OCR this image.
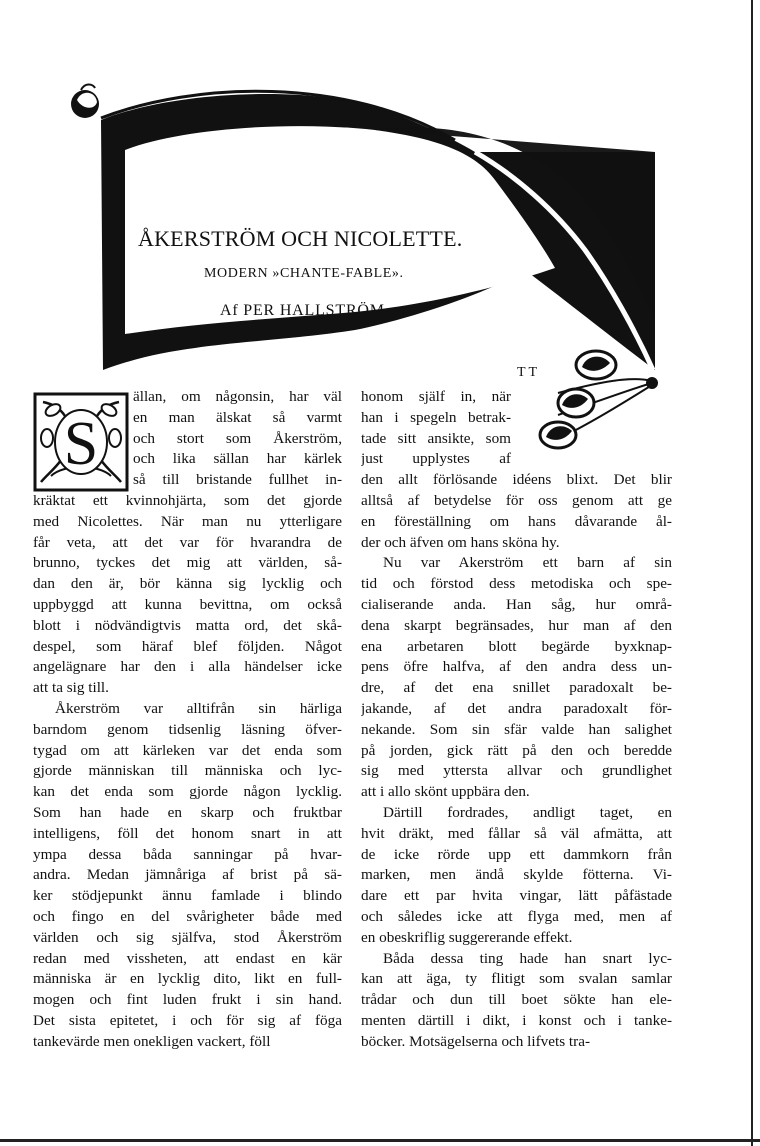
T T
ÅKERSTRÖM OCH NICOLETTE.

MODERN »CHANTE-FABLE».

Af PER HALLSTRÖM.

S
ällan, om någonsin, har väl
en man älskat så varmt
och stort som Åkerström,
och lika sällan har kärlek
så till bristande fullhet in-
kräktat ett kvinnohjärta, som det gjorde
med Nicolettes. När man nu ytterligare
får veta, att det var för hvarandra de
brunno, tyckes det mig att världen, så-
dan den är, bör känna sig lycklig och
uppbyggd att kunna bevittna, om också
blott i nödvändigtvis matta ord, det skå-
despel, som häraf blef följden. Något
angelägnare har den i alla händelser icke
att ta sig till.
Åkerström var alltifrån sin härliga
barndom genom tidsenlig läsning öfver-
tygad om att kärleken var det enda som
gjorde människan till människa och lyc-
kan det enda som gjorde någon lycklig.
Som han hade en skarp och fruktbar
intelligens, föll det honom snart in att
ympa dessa båda sanningar på hvar-
andra. Medan jämnåriga af brist på sä-
ker stödjepunkt ännu famlade i blindo
och fingo en del svårigheter både med
världen och sig själfva, stod Åkerström
redan med vissheten, att endast en kär
människa är en lycklig dito, likt en full-
mogen och fint luden frukt i sin hand.
Det sista epitetet, i och för sig af föga
tankevärde men onekligen vackert, föll
honom själf in, när
han i spegeln betrak-
tade sitt ansikte, som
just upplystes af
den allt förlösande idéens blixt. Det blir
alltså af betydelse för oss genom att ge
en föreställning om hans dåvarande ål-
der och äfven om hans sköna hy.
Nu var Akerström ett barn af sin
tid och förstod dess metodiska och spe-
cialiserande anda. Han såg, hur områ-
dena skarpt begränsades, hur man af den
ena arbetaren blott begärde byxknap-
pens öfre halfva, af den andra dess un-
dre, af det ena snillet paradoxalt be-
jakande, af det andra paradoxalt för-
nekande. Som sin sfär valde han salighet
på jorden, gick rätt på den och beredde
sig med yttersta allvar och grundlighet
att i allo skönt uppbära den.
Därtill fordrades, andligt taget, en
hvit dräkt, med fållar så väl afmätta, att
de icke rörde upp ett dammkorn från
marken, men ändå skylde fötterna. Vi-
dare ett par hvita vingar, lätt påfästade
och således icke att flyga med, men af
en obeskriflig suggererande effekt.
Båda dessa ting hade han snart lyc-
kan att äga, ty flitigt som svalan samlar
trådar och dun till boet sökte han ele-
menten därtill i dikt, i konst och i tanke-
böcker. Motsägelserna och lifvets tra-
